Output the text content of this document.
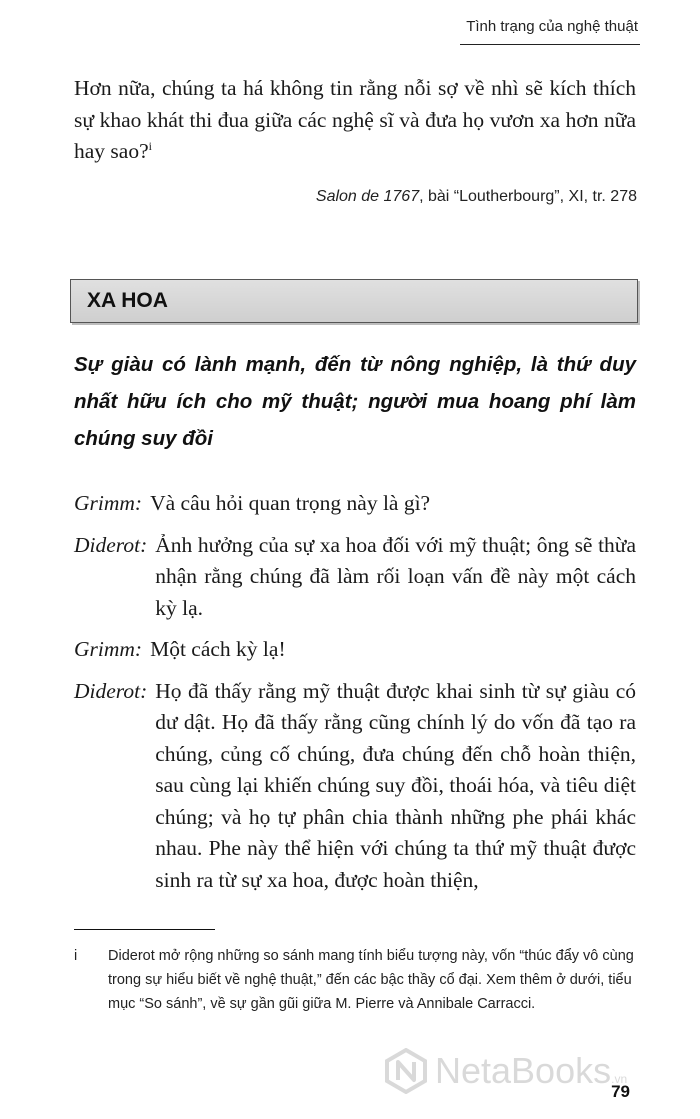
Tình trạng của nghệ thuật
Hơn nữa, chúng ta há không tin rằng nỗi sợ về nhì sẽ kích thích sự khao khát thi đua giữa các nghệ sĩ và đưa họ vươn xa hơn nữa hay sao?$^i$
Salon de 1767, bài “Loutherbourg”, XI, tr. 278
XA HOA
Sự giàu có lành mạnh, đến từ nông nghiệp, là thứ duy nhất hữu ích cho mỹ thuật; người mua hoang phí làm chúng suy đồi
Grimm: Và câu hỏi quan trọng này là gì?
Diderot: Ảnh hưởng của sự xa hoa đối với mỹ thuật; ông sẽ thừa nhận rằng chúng đã làm rối loạn vấn đề này một cách kỳ lạ.
Grimm: Một cách kỳ lạ!
Diderot: Họ đã thấy rằng mỹ thuật được khai sinh từ sự giàu có dư dật. Họ đã thấy rằng cũng chính lý do vốn đã tạo ra chúng, củng cố chúng, đưa chúng đến chỗ hoàn thiện, sau cùng lại khiến chúng suy đồi, thoái hóa, và tiêu diệt chúng; và họ tự phân chia thành những phe phái khác nhau. Phe này thể hiện với chúng ta thứ mỹ thuật được sinh ra từ sự xa hoa, được hoàn thiện,
i	Diderot mở rộng những so sánh mang tính biểu tượng này, vốn “thúc đẩy vô cùng trong sự hiểu biết về nghệ thuật,” đến các bậc thầy cổ đại. Xem thêm ở dưới, tiểu mục “So sánh”, về sự gần gũi giữa M. Pierre và Annibale Carracci.
NetaBooks.vn
79
